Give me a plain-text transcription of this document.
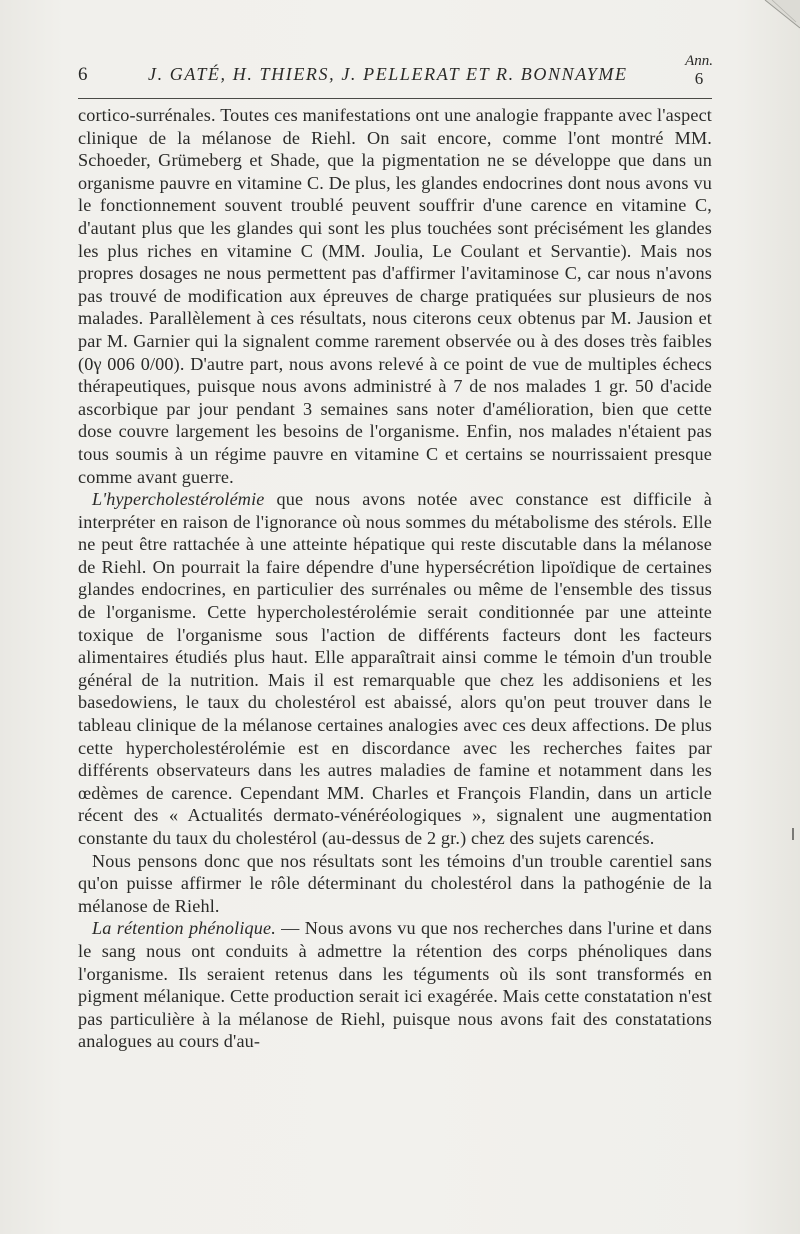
6	J. GATÉ, H. THIERS, J. PELLERAT ET R. BONNAYME
Ann.
6

cortico-surrénales. Toutes ces manifestations ont une analogie frappante avec l'aspect clinique de la mélanose de Riehl. On sait encore, comme l'ont montré MM. Schoeder, Grümeberg et Shade, que la pigmentation ne se développe que dans un organisme pauvre en vitamine C. De plus, les glandes endocrines dont nous avons vu le fonctionnement souvent troublé peuvent souffrir d'une carence en vitamine C, d'autant plus que les glandes qui sont les plus touchées sont précisément les glandes les plus riches en vitamine C (MM. Joulia, Le Coulant et Servantie). Mais nos propres dosages ne nous permettent pas d'affirmer l'avitaminose C, car nous n'avons pas trouvé de modification aux épreuves de charge pratiquées sur plusieurs de nos malades. Parallèlement à ces résultats, nous citerons ceux obtenus par M. Jausion et par M. Garnier qui la signalent comme rarement observée ou à des doses très faibles (0γ 006 0/00). D'autre part, nous avons relevé à ce point de vue de multiples échecs thérapeutiques, puisque nous avons administré à 7 de nos malades 1 gr. 50 d'acide ascorbique par jour pendant 3 semaines sans noter d'amélioration, bien que cette dose couvre largement les besoins de l'organisme. Enfin, nos malades n'étaient pas tous soumis à un régime pauvre en vitamine C et certains se nourrissaient presque comme avant guerre.

L'hypercholestérolémie que nous avons notée avec constance est difficile à interpréter en raison de l'ignorance où nous sommes du métabolisme des stérols. Elle ne peut être rattachée à une atteinte hépatique qui reste discutable dans la mélanose de Riehl. On pourrait la faire dépendre d'une hypersécrétion lipoïdique de certaines glandes endocrines, en particulier des surrénales ou même de l'ensemble des tissus de l'organisme. Cette hypercholestérolémie serait conditionnée par une atteinte toxique de l'organisme sous l'action de différents facteurs dont les facteurs alimentaires étudiés plus haut. Elle apparaîtrait ainsi comme le témoin d'un trouble général de la nutrition. Mais il est remarquable que chez les addisoniens et les basedowiens, le taux du cholestérol est abaissé, alors qu'on peut trouver dans le tableau clinique de la mélanose certaines analogies avec ces deux affections. De plus cette hypercholestérolémie est en discordance avec les recherches faites par différents observateurs dans les autres maladies de famine et notamment dans les œdèmes de carence. Cependant MM. Charles et François Flandin, dans un article récent des « Actualités dermato-vénéréologiques », signalent une augmentation constante du taux du cholestérol (au-dessus de 2 gr.) chez des sujets carencés.

Nous pensons donc que nos résultats sont les témoins d'un trouble carentiel sans qu'on puisse affirmer le rôle déterminant du cholestérol dans la pathogénie de la mélanose de Riehl.

La rétention phénolique. — Nous avons vu que nos recherches dans l'urine et dans le sang nous ont conduits à admettre la rétention des corps phénoliques dans l'organisme. Ils seraient retenus dans les téguments où ils sont transformés en pigment mélanique. Cette production serait ici exagérée. Mais cette constatation n'est pas particulière à la mélanose de Riehl, puisque nous avons fait des constatations analogues au cours d'au-
